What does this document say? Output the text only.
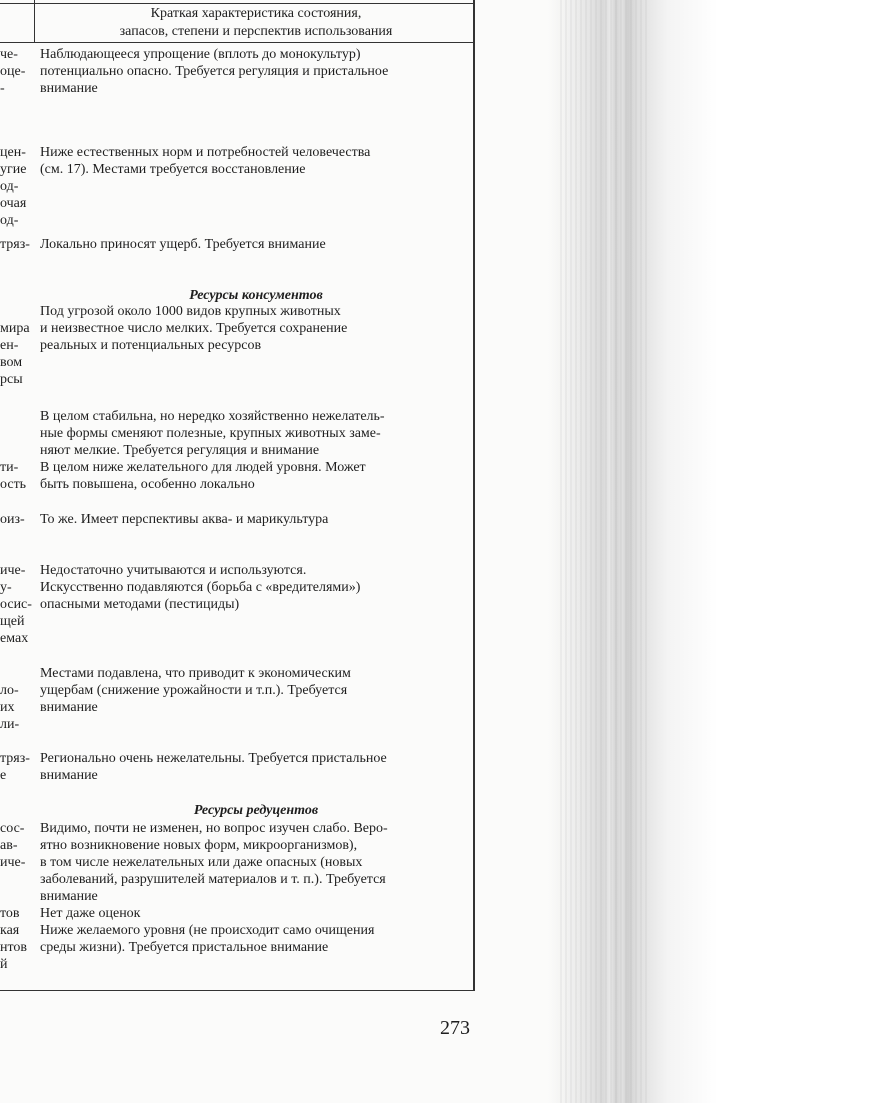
Краткая характеристика состояния,
запасов, степени и перспектив использования
че-
оце-
-
цен-
угие
од-
очая
од-
тряз-
мира
ен-
вом
рсы
ти-
ость
оиз-
иче-
у-
осис-
щей
емах
ло-
их
ли-
тряз-
е
сос-
ав-
иче-
тов
кая
нтов
й
Наблюдающееся упрощение (вплоть до монокультур)
потенциально опасно. Требуется регуляция и пристальное
внимание
Ниже естественных норм и потребностей человечества
(см. 17). Местами требуется восстановление
Локально приносят ущерб. Требуется внимание
Ресурсы консументов
Под угрозой около 1000 видов крупных животных
и неизвестное число мелких. Требуется сохранение
реальных и потенциальных ресурсов
В целом стабильна, но нередко хозяйственно нежелатель-
ные формы сменяют полезные, крупных животных заме-
няют мелкие. Требуется регуляция и внимание
В целом ниже желательного для людей уровня. Может
быть повышена, особенно локально
То же. Имеет перспективы аква- и марикультура
Недостаточно учитываются и используются.
Искусственно подавляются (борьба с «вредителями»)
опасными методами (пестициды)
Местами подавлена, что приводит к экономическим
ущербам (снижение урожайности и т.п.). Требуется
внимание
Регионально очень нежелательны. Требуется пристальное
внимание
Ресурсы редуцентов
Видимо, почти не изменен, но вопрос изучен слабо. Веро-
ятно возникновение новых форм, микроорганизмов),
в том числе нежелательных или даже опасных (новых
заболеваний, разрушителей материалов и т. п.). Требуется
внимание
Нет даже оценок
Ниже желаемого уровня (не происходит само очищения
среды жизни). Требуется пристальное внимание
273
